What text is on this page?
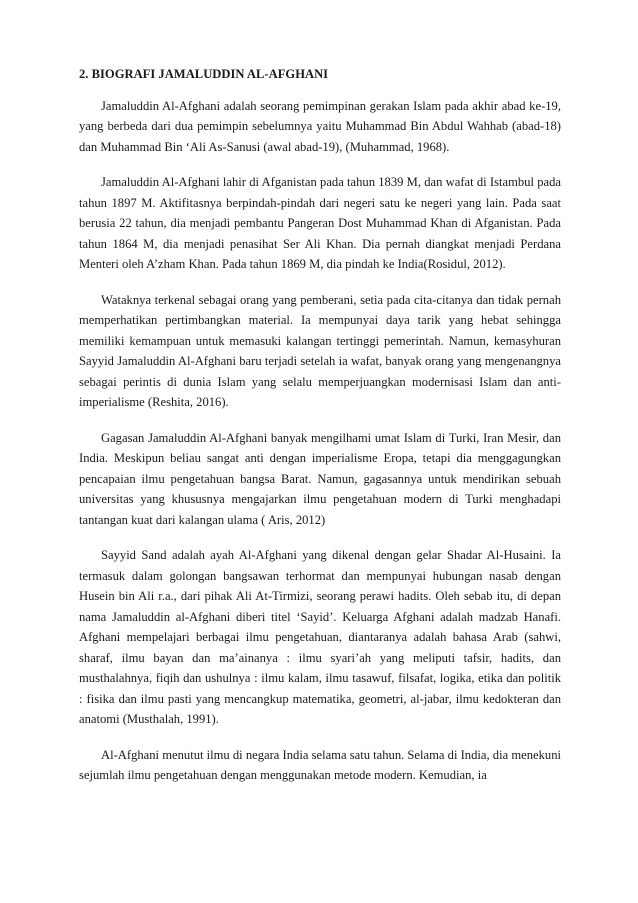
2. BIOGRAFI JAMALUDDIN AL-AFGHANI

Jamaluddin Al-Afghani adalah seorang pemimpinan gerakan Islam pada akhir abad ke-19, yang berbeda dari dua pemimpin sebelumnya yaitu Muhammad Bin Abdul Wahhab (abad-18) dan Muhammad Bin ‘Ali As-Sanusi (awal abad-19), (Muhammad, 1968).

Jamaluddin Al-Afghani lahir di Afganistan pada tahun 1839 M, dan wafat di Istambul pada tahun 1897 M. Aktifitasnya berpindah-pindah dari negeri satu ke negeri yang lain. Pada saat berusia 22 tahun, dia menjadi pembantu Pangeran Dost Muhammad Khan di Afganistan. Pada tahun 1864 M, dia menjadi penasihat Ser Ali Khan. Dia pernah diangkat menjadi Perdana Menteri oleh A’zham Khan. Pada tahun 1869 M, dia pindah ke India(Rosidul, 2012).

Wataknya terkenal sebagai orang yang pemberani, setia pada cita-citanya dan tidak pernah memperhatikan pertimbangkan material. Ia mempunyai daya tarik yang hebat sehingga memiliki kemampuan untuk memasuki kalangan tertinggi pemerintah. Namun, kemasyhuran Sayyid Jamaluddin Al-Afghani baru terjadi setelah ia wafat, banyak orang yang mengenangnya sebagai perintis di dunia Islam yang selalu memperjuangkan modernisasi Islam dan anti-imperialisme (Reshita, 2016).

Gagasan Jamaluddin Al-Afghani banyak mengilhami umat Islam di Turki, Iran Mesir, dan India. Meskipun beliau sangat anti dengan imperialisme Eropa, tetapi dia menggagungkan pencapaian ilmu pengetahuan bangsa Barat. Namun, gagasannya untuk mendirikan sebuah universitas yang khususnya mengajarkan ilmu pengetahuan modern di Turki menghadapi tantangan kuat dari kalangan ulama ( Aris, 2012)

Sayyid Sand adalah ayah Al-Afghani yang dikenal dengan gelar Shadar Al-Husaini. Ia termasuk dalam golongan bangsawan terhormat dan mempunyai hubungan nasab dengan Husein bin Ali r.a., dari pihak Ali At-Tirmizi, seorang perawi hadits. Oleh sebab itu, di depan nama Jamaluddin al-Afghani diberi titel ‘Sayid’. Keluarga Afghani adalah madzab Hanafi. Afghani mempelajari berbagai ilmu pengetahuan, diantaranya adalah bahasa Arab (sahwi, sharaf, ilmu bayan dan ma’ainanya : ilmu syari’ah yang meliputi tafsir, hadits, dan musthalahnya, fiqih dan ushulnya : ilmu kalam, ilmu tasawuf, filsafat, logika, etika dan politik : fisika dan ilmu pasti yang mencangkup matematika, geometri, al-jabar, ilmu kedokteran dan anatomi (Musthalah, 1991).

Al-Afghani menutut ilmu di negara India selama satu tahun. Selama di India, dia menekuni sejumlah ilmu pengetahuan dengan menggunakan metode modern. Kemudian, ia
